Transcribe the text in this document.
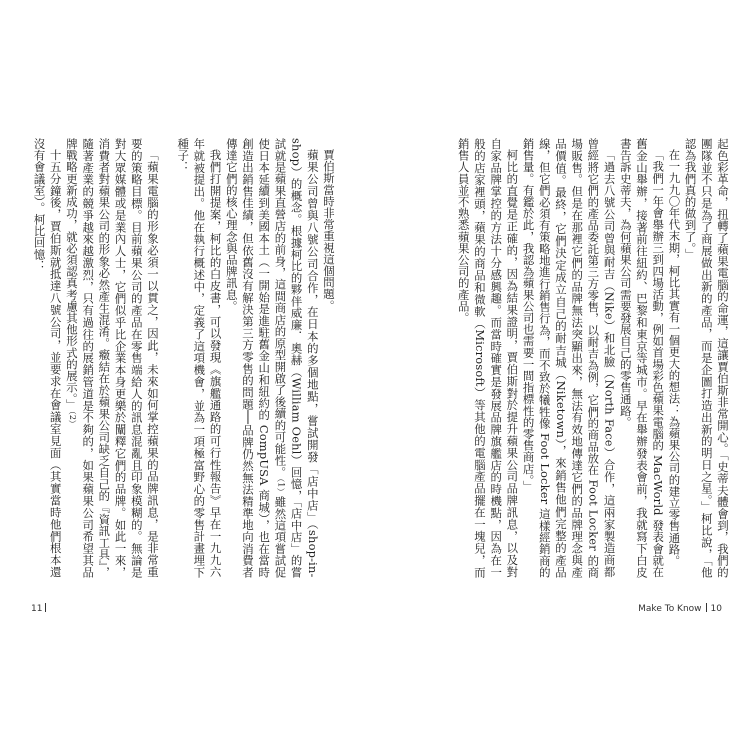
賈伯斯當時非常重視這個問題。

蘋果公司曾與八號公司合作，在日本的多個地點，嘗試開發「店中店」（shop-in-shop）的概念。根據柯比的夥伴威廉．奧赫（William Oehl）回憶，「店中店」的嘗試就是蘋果直營店的前身，這間商店的原型開啟了後續的可能性。（1）雖然這項嘗試促使日本延續到美國本土（一開始是進駐舊金山和紐約的 CompUSA 商城），也在當時創造出銷售佳績，但依舊沒有解決第三方零售的問題──品牌仍然無法精準地向消費者傳達它們的核心理念與品牌訊息。

我們打開提案，柯比的白皮書，可以發現《旗艦通路的可行性報告》早在一九九六年就被提出。他在執行概述中，定義了這項機會，並為一項極富野心的零售計畫埋下種子：

「蘋果電腦的形象必須一以貫之，因此，未來如何掌控蘋果的品牌訊息，是非常重要的策略目標。目前蘋果公司的產品在零售端給人的訊息混亂且印象模糊的。無論是對大眾媒體或是業內人士，它們似乎比企業本身更樂於闡釋它們的品牌。如此一來，消費者對蘋果公司的形象必然產生混淆。癥結在於蘋果公司缺乏自己的『資訊工具』，隨著產業的競爭越來越激烈，只有過往的展銷管道是不夠的，如果蘋果公司希望其品牌戰略更新成功，就必須認真考慮其他形式的展示。」（2）

十五分鐘後，賈伯斯就抵達八號公司，並要求在會議室見面（其實當時他們根本還沒有會議室）。柯比回憶：

11

起色彩革命，扭轉了蘋果電腦的命運，這讓賈伯斯非常開心。「史蒂夫體會到，我們的團隊並不只是為了商展做出新的產品，而是企圖打造出新的明日之星。」柯比說，「他認為我們真的做到了。」

在一九九〇年代末期，柯比其實有一個更大的想法：為蘋果公司的建立零售通路。

「我們一年會舉辦三到四場活動，例如首場彩色蘋果電腦的 MacWorld 發表會就在舊金山舉辦，接著前往紐約、巴黎和東京等城市。早在舉辦發表會前，我就寫下白皮書告訴史蒂夫，為何蘋果公司需要發展自己的零售通路。

「過去八號公司曾與耐吉（Nike）和北臉（North Face）合作，這兩家製造商都曾經將它們的產品委託第三方零售，以耐吉為例，它們的商品放在 Foot Locker 的商場販售。但是在那裡它們的品牌無法突顯出來，無法有效地傳達它們的品牌理念與產品價值。最終，它們決定成立自己的耐吉城（Niketown），來銷售他們完整的產品線，但它們必須有策略地進行銷售行為，而不致於犧牲像 Foot Locker 這樣經銷商的銷售量。有鑑於此，我認為蘋果公司也需要一間指標性的零售商店。」

柯比的直覺是正確的，因為結果證明，賈伯斯對於提升蘋果公司品牌訊息，以及對自家品牌掌控的方法十分感興趣。而當時確實是發展品牌旗艦店的時機點，因為在一般的店家裡頭，蘋果的商品和微軟（Microsoft）等其他的電腦產品擺在一塊兒，而銷售人員並不熟悉蘋果公司的產品。

Make To Know 10
